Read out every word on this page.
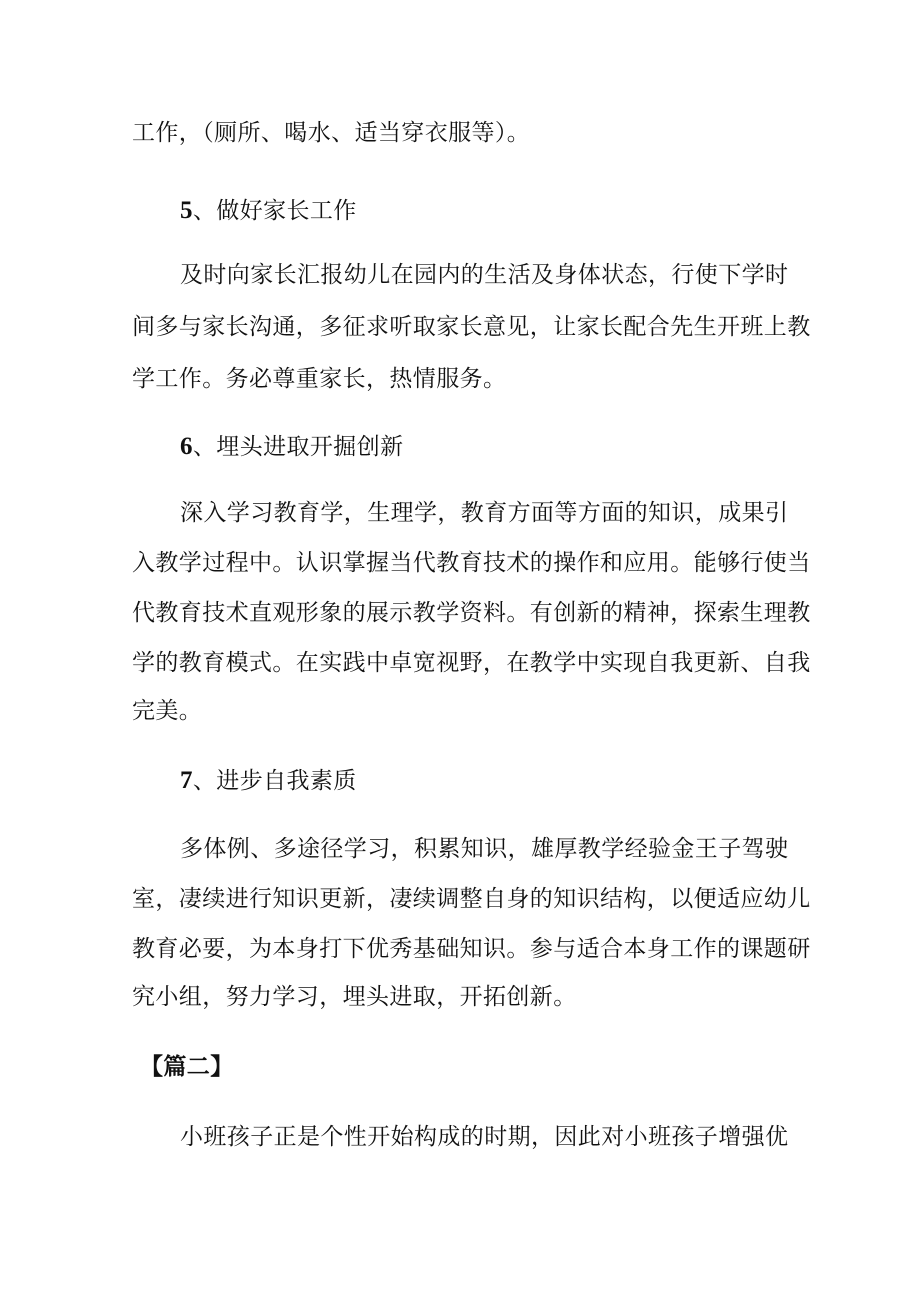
工作，（厕所、喝水、适当穿衣服等）。
5、做好家长工作
及时向家长汇报幼儿在园内的生活及身体状态，行使下学时
间多与家长沟通，多征求听取家长意见，让家长配合先生开班上教
学工作。务必尊重家长，热情服务。
6、埋头进取开掘创新
深入学习教育学，生理学，教育方面等方面的知识，成果引
入教学过程中。认识掌握当代教育技术的操作和应用。能够行使当
代教育技术直观形象的展示教学资料。有创新的精神，探索生理教
学的教育模式。在实践中卓宽视野，在教学中实现自我更新、自我
完美。
7、进步自我素质
多体例、多途径学习，积累知识，雄厚教学经验金王子驾驶
室，凄续进行知识更新，凄续调整自身的知识结构，以便适应幼儿
教育必要，为本身打下优秀基础知识。参与适合本身工作的课题研
究小组，努力学习，埋头进取，开拓创新。
【篇二】
小班孩子正是个性开始构成的时期，因此对小班孩子增强优
